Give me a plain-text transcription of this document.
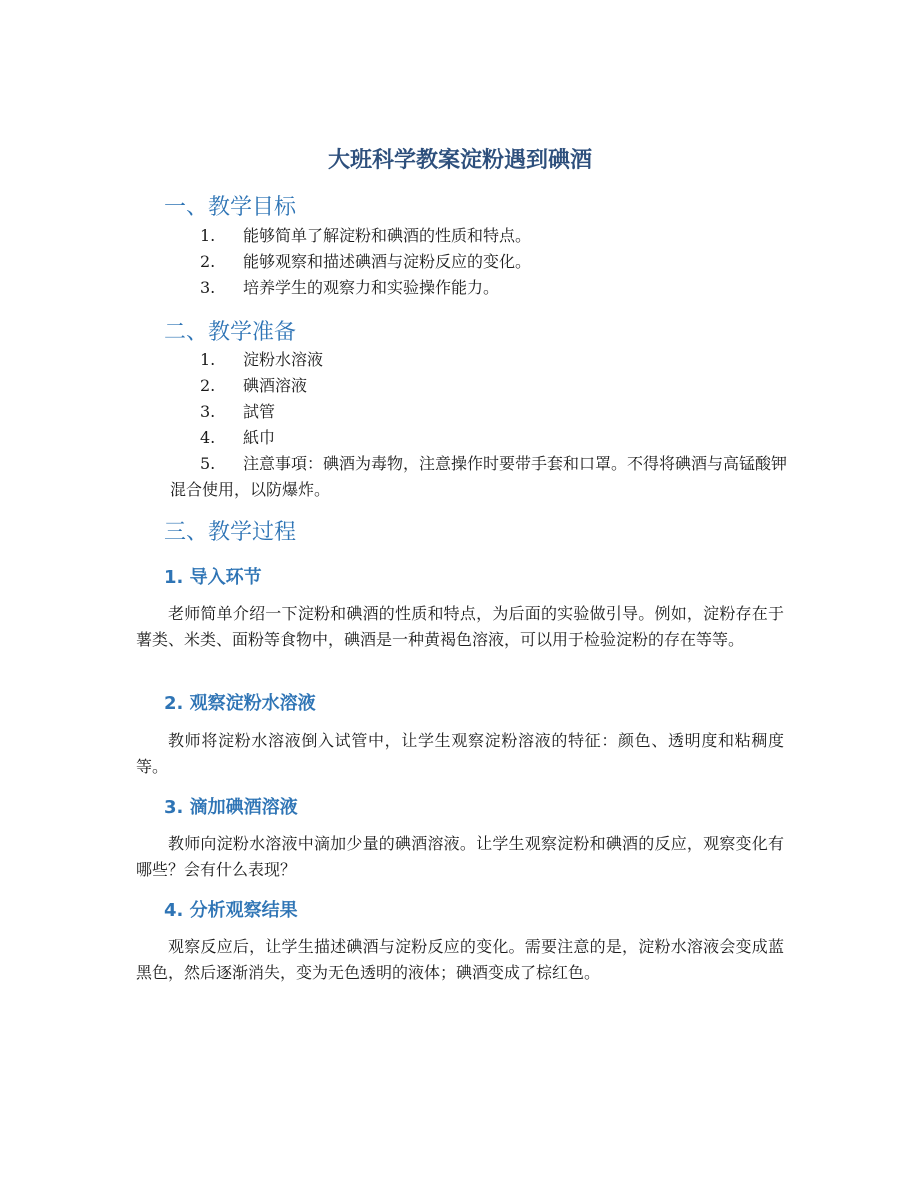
大班科学教案淀粉遇到碘酒
一、教学目标
1. 能够简单了解淀粉和碘酒的性质和特点。
2. 能够观察和描述碘酒与淀粉反应的变化。
3. 培养学生的观察力和实验操作能力。
二、教学准备
1. 淀粉水溶液
2. 碘酒溶液
3. 試管
4. 紙巾
5. 注意事項：碘酒为毒物，注意操作时要带手套和口罩。不得将碘酒与高锰酸钾混合使用，以防爆炸。
三、教学过程
1. 导入环节
老师简单介绍一下淀粉和碘酒的性质和特点，为后面的实验做引导。例如，淀粉存在于薯类、米类、面粉等食物中，碘酒是一种黄褐色溶液，可以用于检验淀粉的存在等等。
2. 观察淀粉水溶液
教师将淀粉水溶液倒入试管中，让学生观察淀粉溶液的特征：颜色、透明度和粘稠度等。
3. 滴加碘酒溶液
教师向淀粉水溶液中滴加少量的碘酒溶液。让学生观察淀粉和碘酒的反应，观察变化有哪些？会有什么表现？
4. 分析观察结果
观察反应后，让学生描述碘酒与淀粉反应的变化。需要注意的是，淀粉水溶液会变成蓝黑色，然后逐渐消失，变为无色透明的液体；碘酒变成了棕红色。
